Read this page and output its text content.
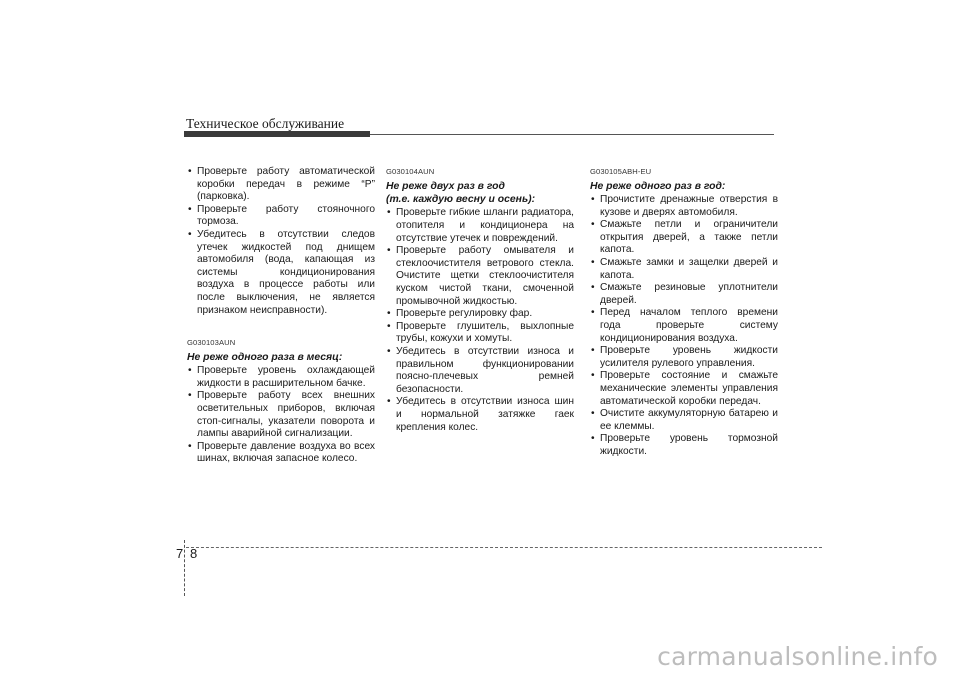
Техническое обслуживание
• Проверьте работу автоматической коробки передач в режиме “P” (парковка).
• Проверьте работу стояночного тормоза.
• Убедитесь в отсутствии следов утечек жидкостей под днищем автомобиля (вода, капающая из системы кондиционирования воздуха в процессе работы или после выключения, не является признаком неисправности).
G030103AUN
Не реже одного раза в месяц:
• Проверьте уровень охлаждающей жидкости в расширительном бачке.
• Проверьте работу всех внешних осветительных приборов, включая стоп-сигналы, указатели поворота и лампы аварийной сигнализации.
• Проверьте давление воздуха во всех шинах, включая запасное колесо.
G030104AUN
Не реже двух раз в год
(т.е. каждую весну и осень):
• Проверьте гибкие шланги радиатора, отопителя и кондиционера на отсутствие утечек и повреждений.
• Проверьте работу омывателя и стеклоочистителя ветрового стекла. Очистите щетки стеклоочистителя куском чистой ткани, смоченной промывочной жидкостью.
• Проверьте регулировку фар.
• Проверьте глушитель, выхлопные трубы, кожухи и хомуты.
• Убедитесь в отсутствии износа и правильном функционировании поясно-плечевых ремней безопасности.
• Убедитесь в отсутствии износа шин и нормальной затяжке гаек крепления колес.
G030105ABH-EU
Не реже одного раз в год:
• Прочистите дренажные отверстия в кузове и дверях автомобиля.
• Смажьте петли и ограничители открытия дверей, а также петли капота.
• Смажьте замки и защелки дверей и капота.
• Смажьте резиновые уплотнители дверей.
• Перед началом теплого времени года проверьте систему кондиционирования воздуха.
• Проверьте уровень жидкости усилителя рулевого управления.
• Проверьте состояние и смажьте механические элементы управления автоматической коробки передач.
• Очистите аккумуляторную батарею и ее клеммы.
• Проверьте уровень тормозной жидкости.
7 8
carmanualsonline.info
